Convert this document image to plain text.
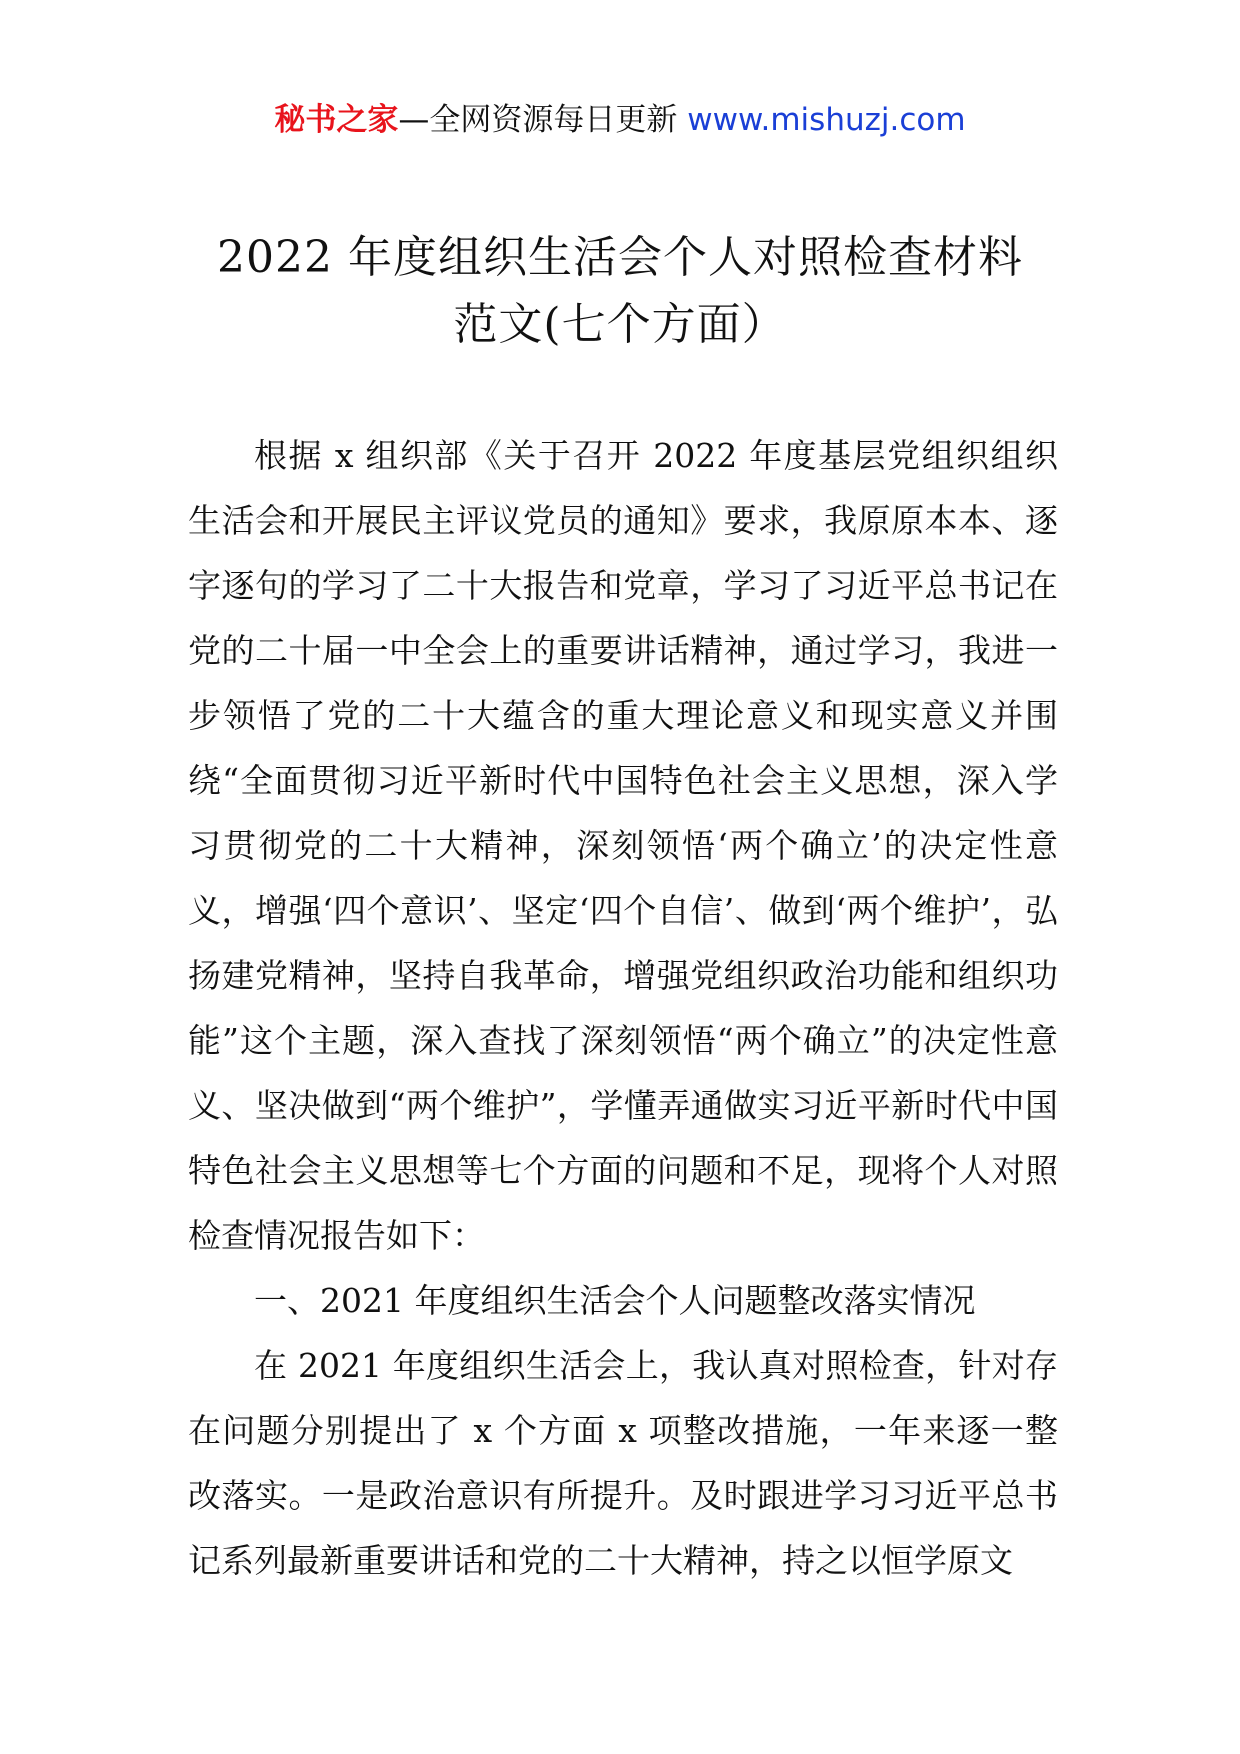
秘书之家—全网资源每日更新 www.mishuzj.com
2022 年度组织生活会个人对照检查材料
范文(七个方面）

根据 x 组织部《关于召开 2022 年度基层党组织组织生活会和开展民主评议党员的通知》要求，我原原本本、逐字逐句的学习了二十大报告和党章，学习了习近平总书记在党的二十届一中全会上的重要讲话精神，通过学习，我进一步领悟了党的二十大蕴含的重大理论意义和现实意义并围绕“全面贯彻习近平新时代中国特色社会主义思想，深入学习贯彻党的二十大精神，深刻领悟‘两个确立’的决定性意义，增强‘四个意识’、坚定‘四个自信’、做到‘两个维护’，弘扬建党精神，坚持自我革命，增强党组织政治功能和组织功能”这个主题，深入查找了深刻领悟“两个确立”的决定性意义、坚决做到“两个维护”，学懂弄通做实习近平新时代中国特色社会主义思想等七个方面的问题和不足，现将个人对照检查情况报告如下：

一、2021 年度组织生活会个人问题整改落实情况

在 2021 年度组织生活会上，我认真对照检查，针对存在问题分别提出了 x 个方面 x 项整改措施，一年来逐一整改落实。一是政治意识有所提升。及时跟进学习习近平总书记系列最新重要讲话和党的二十大精神，持之以恒学原文
